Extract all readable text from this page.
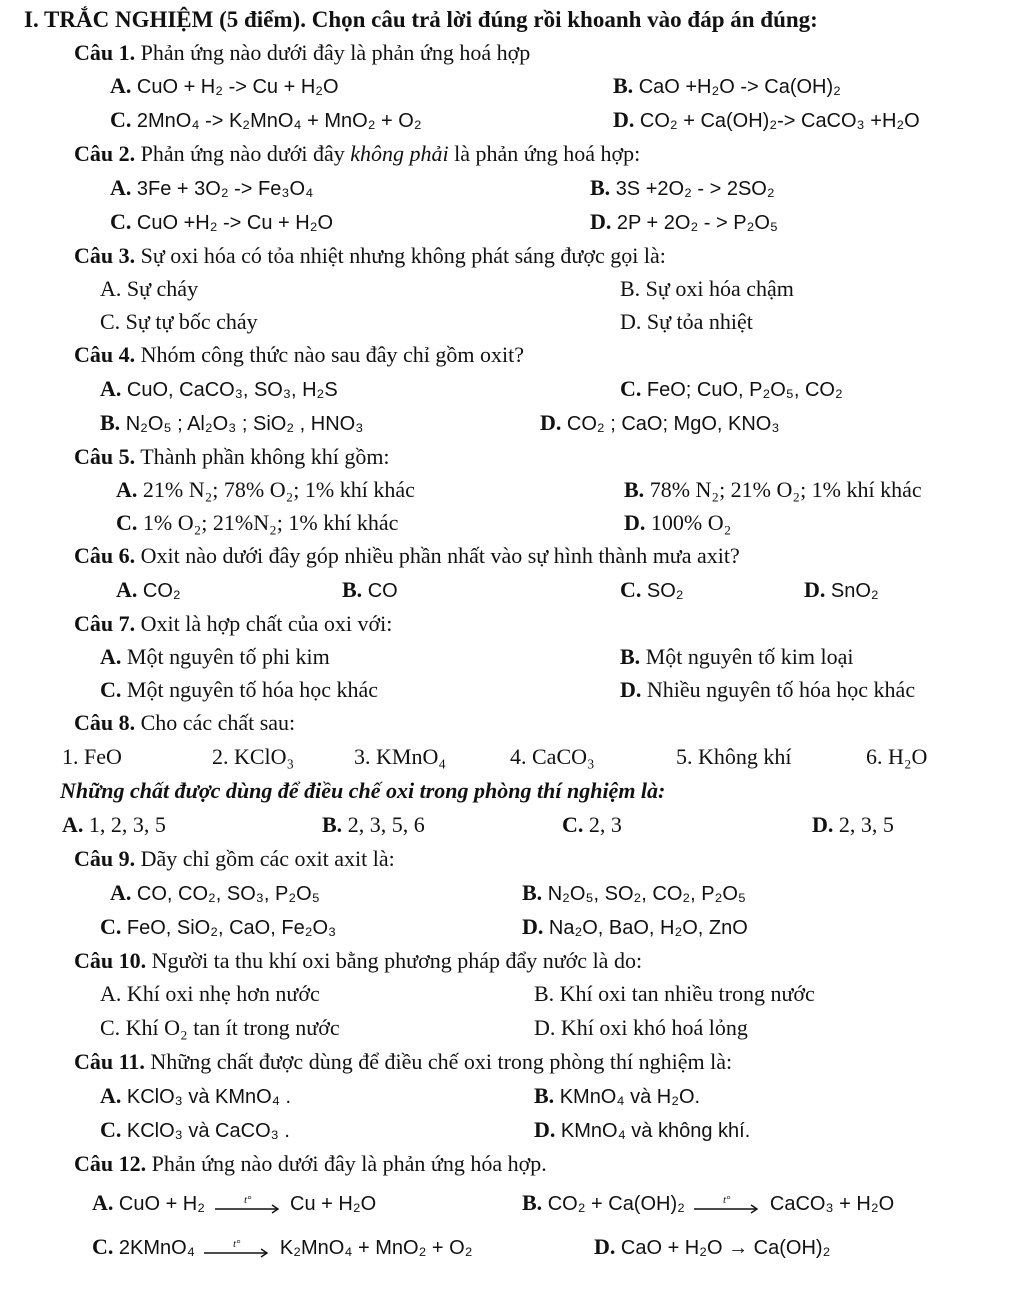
I. TRẮC NGHIỆM (5 điểm). Chọn câu trả lời đúng rồi khoanh vào đáp án đúng:
Câu 1. Phản ứng nào dưới đây là phản ứng hoá hợp
A. CuO + H₂ -> Cu + H₂O	B. CaO +H₂O -> Ca(OH)₂
C. 2MnO₄ -> K₂MnO₄ + MnO₂ + O₂	D. CO₂ + Ca(OH)₂-> CaCO₃ +H₂O
Câu 2. Phản ứng nào dưới đây không phải là phản ứng hoá hợp:
A. 3Fe + 3O₂ -> Fe₃O₄	B. 3S +2O₂ - > 2SO₂
C. CuO +H₂ -> Cu + H₂O	D. 2P + 2O₂ - > P₂O₅
Câu 3. Sự oxi hóa có tỏa nhiệt nhưng không phát sáng được gọi là:
A. Sự cháy	B. Sự oxi hóa chậm
C. Sự tự bốc cháy	D. Sự tỏa nhiệt
Câu 4. Nhóm công thức nào sau đây chỉ gồm oxit?
A. CuO, CaCO₃, SO₃, H₂S	C. FeO; CuO, P₂O₅, CO₂
B. N₂O₅ ; Al₂O₃ ; SiO₂ , HNO₃	D. CO₂ ; CaO; MgO, KNO₃
Câu 5. Thành phần không khí gồm:
A. 21% N₂; 78% O₂; 1% khí khác	B. 78% N₂; 21% O₂; 1% khí khác
C. 1% O₂; 21%N₂; 1% khí khác	D. 100% O₂
Câu 6. Oxit nào dưới đây góp nhiều phần nhất vào sự hình thành mưa axit?
A. CO₂	B. CO	C. SO₂	D. SnO₂
Câu 7. Oxit là hợp chất của oxi với:
A. Một nguyên tố phi kim	B. Một nguyên tố kim loại
C. Một nguyên tố hóa học khác	D. Nhiều nguyên tố hóa học khác
Câu 8. Cho các chất sau:
1. FeO	2. KClO₃	3. KMnO₄	4. CaCO₃	5. Không khí	6. H₂O
Những chất được dùng để điều chế oxi trong phòng thí nghiệm là:
A. 1, 2, 3, 5	B. 2, 3, 5, 6	C. 2, 3	D. 2, 3, 5
Câu 9. Dãy chỉ gồm các oxit axit là:
A. CO, CO₂, SO₃, P₂O₅	B. N₂O₅, SO₂, CO₂, P₂O₅
C. FeO, SiO₂, CaO, Fe₂O₃	D. Na₂O, BaO, H₂O, ZnO
Câu 10. Người ta thu khí oxi bằng phương pháp đẩy nước là do:
A. Khí oxi nhẹ hơn nước	B. Khí oxi tan nhiều trong nước
C. Khí O₂ tan ít trong nước	D. Khí oxi khó hoá lỏng
Câu 11. Những chất được dùng để điều chế oxi trong phòng thí nghiệm là:
A. KClO₃ và KMnO₄ .	B. KMnO₄ và H₂O.
C. KClO₃ và CaCO₃ .	D. KMnO₄ và không khí.
Câu 12. Phản ứng nào dưới đây là phản ứng hóa hợp.
A. CuO + H₂	t° Cu + H₂O	B. CO₂ + Ca(OH)₂	t° CaCO₃ + H₂O
C. 2KMnO₄	t° K₂MnO₄ + MnO₂ + O₂	D. CaO + H₂O → Ca(OH)₂
